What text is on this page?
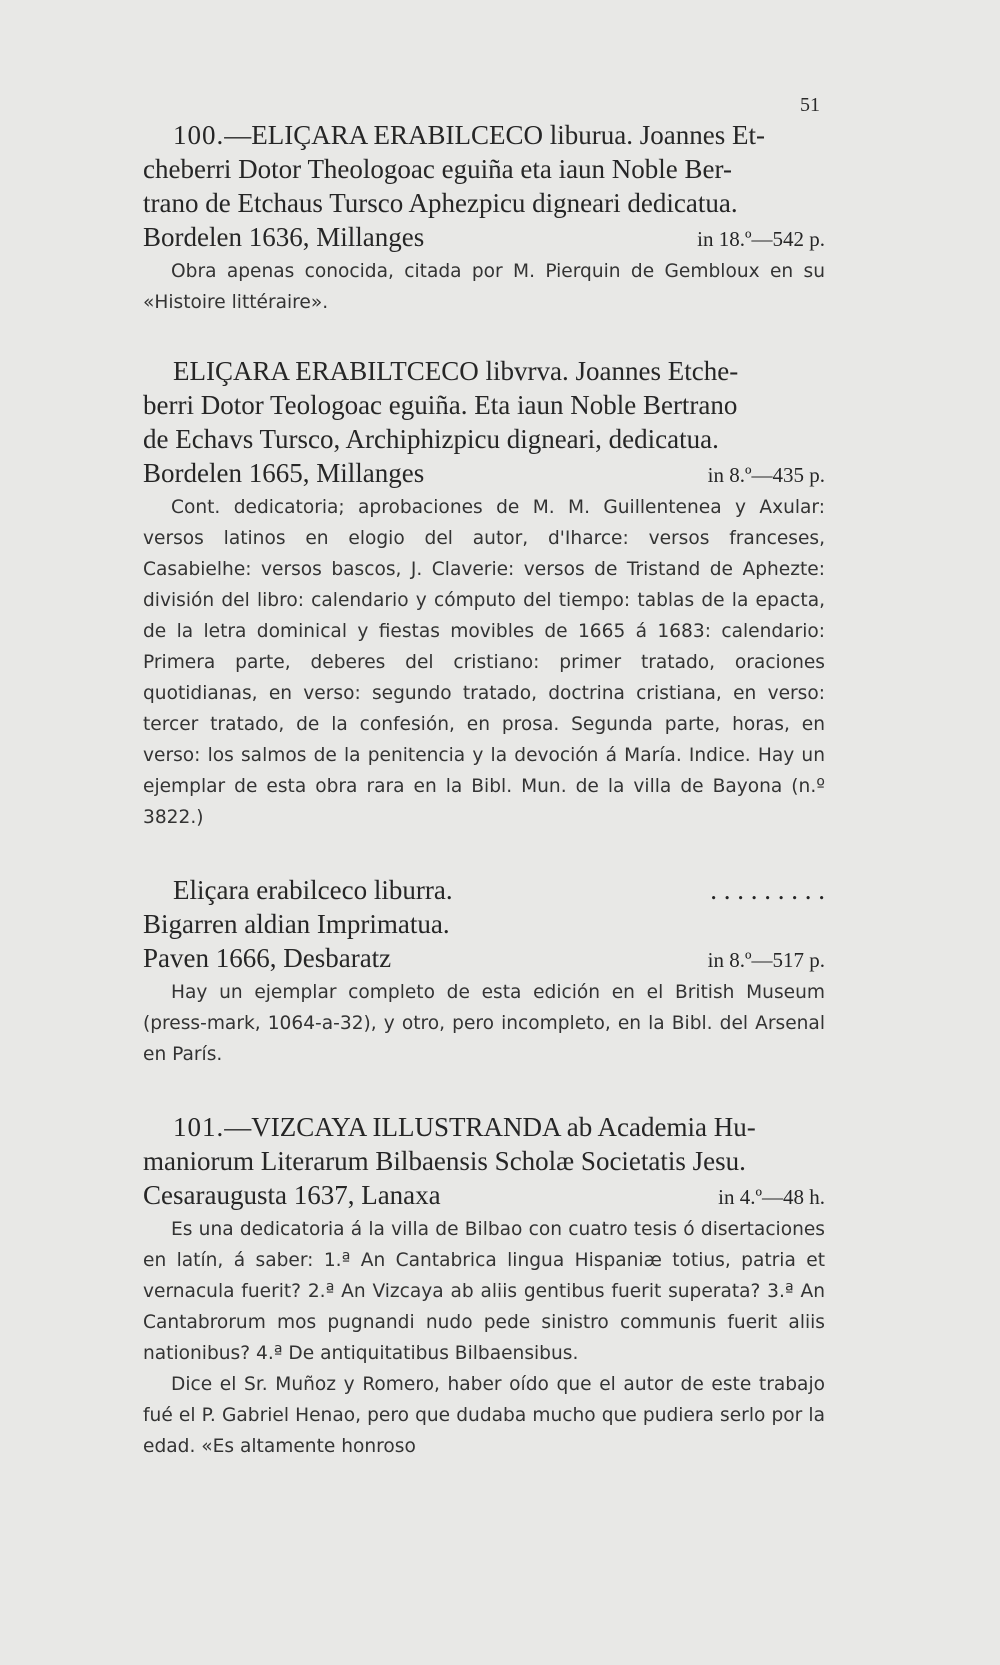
51
100.—ELIÇARA ERABILCECO liburua. Joannes Et-
cheberri Dotor Theologoac eguiña eta iaun Noble Ber-
trano de Etchaus Tursco Aphezpicu digneari dedicatua.
Bordelen 1636, Millanges	in 18.º—542 p.

Obra apenas conocida, citada por M. Pierquin de Gembloux en su «Histoire littéraire».

ELIÇARA ERABILTCECO libvrva. Joannes Etche-
berri Dotor Teologoac eguiña. Eta iaun Noble Bertrano
de Echavs Tursco, Archiphizpicu digneari, dedicatua.
Bordelen 1665, Millanges	in 8.º—435 p.

Cont. dedicatoria; aprobaciones de M. M. Guillentenea y Axular: versos latinos en elogio del autor, d'Iharce: versos franceses, Casabielhe: versos bascos, J. Claverie: versos de Tristand de Aphezte: división del libro: calendario y cómputo del tiempo: tablas de la epacta, de la letra dominical y fiestas movibles de 1665 á 1683: calendario: Primera parte, deberes del cristiano: primer tratado, oraciones quotidianas, en verso: segundo tratado, doctrina cristiana, en verso: tercer tratado, de la confesión, en prosa. Segunda parte, horas, en verso: los salmos de la penitencia y la devoción á María. Indice. Hay un ejemplar de esta obra rara en la Bibl. Mun. de la villa de Bayona (n.º 3822.)

Eliçara erabilceco liburra.	. . . . . . . . .
Bigarren aldian Imprimatua.
Paven 1666, Desbaratz	in 8.º—517 p.

Hay un ejemplar completo de esta edición en el British Museum (press-mark, 1064-a-32), y otro, pero incompleto, en la Bibl. del Arsenal en París.

101.—VIZCAYA ILLUSTRANDA ab Academia Hu-
maniorum Literarum Bilbaensis Scholæ Societatis Jesu.
Cesaraugusta 1637, Lanaxa	in 4.º—48 h.

Es una dedicatoria á la villa de Bilbao con cuatro tesis ó disertaciones en latín, á saber: 1.ª An Cantabrica lingua Hispaniæ totius, patria et vernacula fuerit? 2.ª An Vizcaya ab aliis gentibus fuerit superata? 3.ª An Cantabrorum mos pugnandi nudo pede sinistro communis fuerit aliis nationibus? 4.ª De antiquitatibus Bilbaensibus.

Dice el Sr. Muñoz y Romero, haber oído que el autor de este trabajo fué el P. Gabriel Henao, pero que dudaba mucho que pudiera serlo por la edad. «Es altamente honroso
